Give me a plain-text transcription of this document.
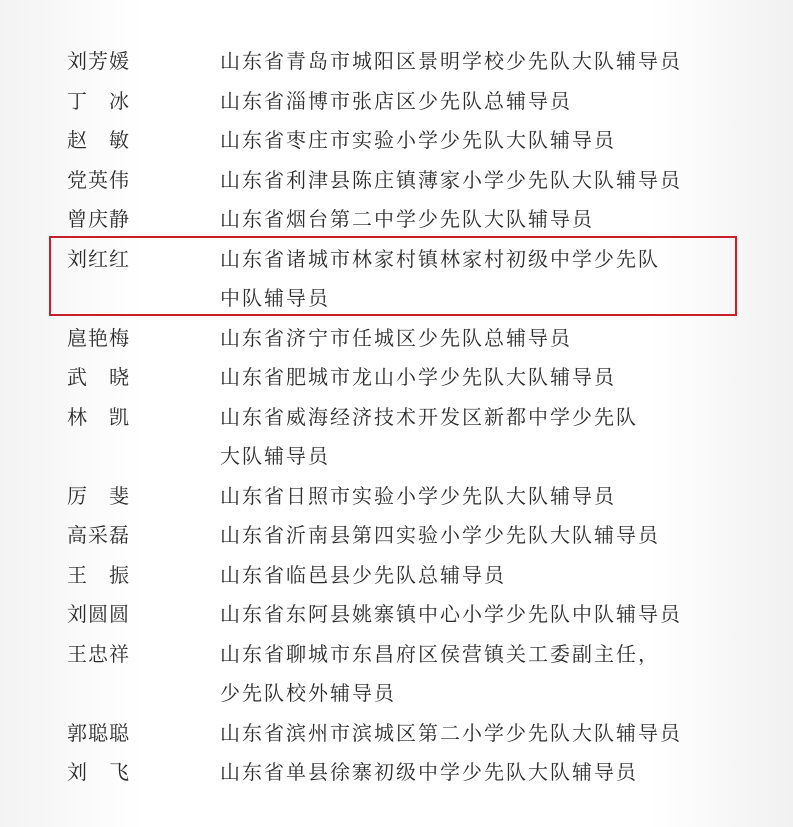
刘芳媛	山东省青岛市城阳区景明学校少先队大队辅导员
丁　冰	山东省淄博市张店区少先队总辅导员
赵　敏	山东省枣庄市实验小学少先队大队辅导员
党英伟	山东省利津县陈庄镇薄家小学少先队大队辅导员
曾庆静	山东省烟台第二中学少先队大队辅导员
刘红红	山东省诸城市林家村镇林家村初级中学少先队
中队辅导员
扈艳梅	山东省济宁市任城区少先队总辅导员
武　晓	山东省肥城市龙山小学少先队大队辅导员
林　凯	山东省威海经济技术开发区新都中学少先队
大队辅导员
厉　斐	山东省日照市实验小学少先队大队辅导员
高采磊	山东省沂南县第四实验小学少先队大队辅导员
王　振	山东省临邑县少先队总辅导员
刘圆圆	山东省东阿县姚寨镇中心小学少先队中队辅导员
王忠祥	山东省聊城市东昌府区侯营镇关工委副主任，
少先队校外辅导员
郭聪聪	山东省滨州市滨城区第二小学少先队大队辅导员
刘　飞	山东省单县徐寨初级中学少先队大队辅导员
